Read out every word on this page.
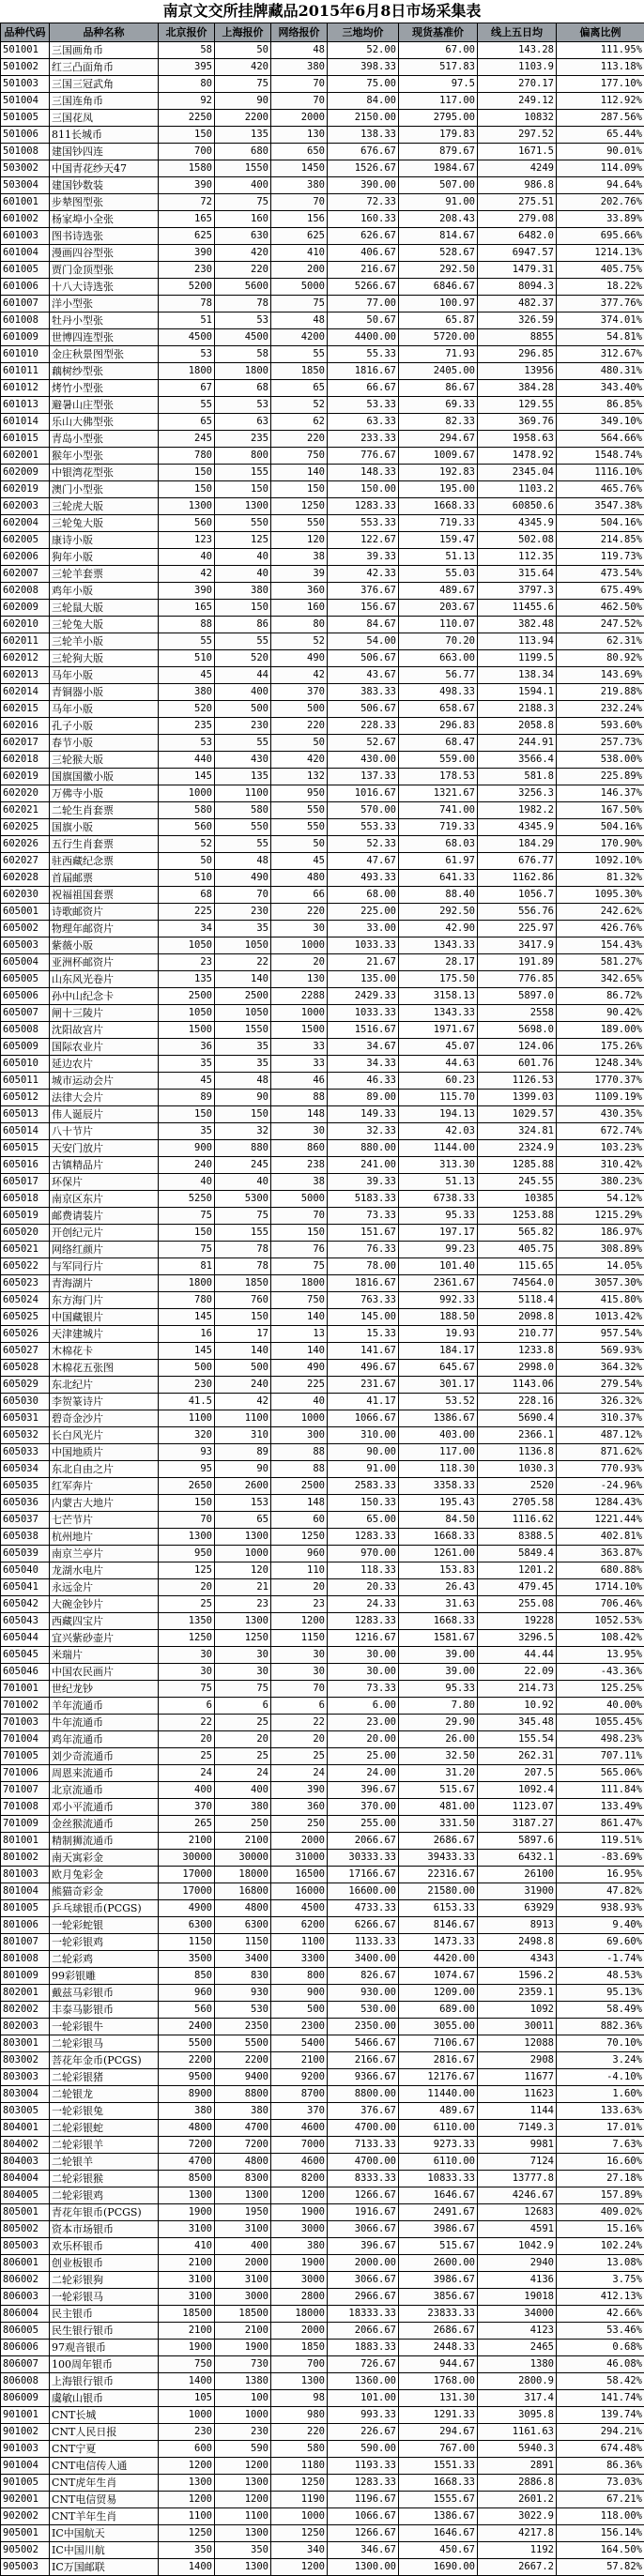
南京文交所挂牌藏品2015年6月8日市场采集表
品种代码	品种名称	北京报价	上海报价	网络报价	三地均价	现货基准价	线上五日均	偏离比例
501001	三国画角币	58	50	48	52.00	67.00	143.28	111.95%
501002	红三凸面角币	395	420	380	398.33	517.83	1103.9	113.18%
501003	三国三冠武角	80	75	70	75.00	97.5	270.17	177.10%
501004	三国连角币	92	90	70	84.00	117.00	249.12	112.92%
501005	三国花凤	2250	2200	2000	2150.00	2795.00	10832	287.56%
501006	811长城币	150	135	130	138.33	179.83	297.52	65.44%
501008	建国钞四连	700	680	650	676.67	879.67	1671.5	90.01%
503002	中国青花纱天47	1580	1550	1450	1526.67	1984.67	4249	114.09%
503004	建国钞数装	390	400	380	390.00	507.00	986.8	94.64%
601001	步辇图型张	72	75	70	72.33	91.00	275.51	202.76%
601002	杨家埠小全张	165	160	156	160.33	208.43	279.08	33.89%
601003	图书诗选张	625	630	625	626.67	814.67	6482.0	695.66%
601004	漫画四谷型张	390	420	410	406.67	528.67	6947.57	1214.13%
601005	贾门金顶型张	230	220	200	216.67	292.50	1479.31	405.75%
601006	十八大诗选张	5200	5600	5000	5266.67	6846.67	8094.3	18.22%
601007	洋小型张	78	78	75	77.00	100.97	482.37	377.76%
601008	牡丹小型张	51	53	48	50.67	65.87	326.59	374.01%
601009	世博四连型张	4500	4500	4200	4400.00	5720.00	8855	54.81%
601010	金庄秋景图型张	53	58	55	55.33	71.93	296.85	312.67%
601011	藕树纱型张	1800	1800	1850	1816.67	2405.00	13956	480.31%
601012	烤竹小型张	67	68	65	66.67	86.67	384.28	343.40%
601013	避暑山庄型张	55	53	52	53.33	69.33	129.55	86.85%
601014	乐山大佛型张	65	63	62	63.33	82.33	369.76	349.10%
601015	青岛小型张	245	235	220	233.33	294.67	1958.63	564.66%
602001	猴年小型张	780	800	750	776.67	1009.67	1478.92	1548.74%
602009	中银湾花型张	150	155	140	148.33	192.83	2345.04	1116.10%
602019	澳门小型张	150	150	150	150.00	195.00	1103.2	465.76%
602003	三轮虎大版	1300	1300	1250	1283.33	1668.33	60850.6	3547.38%
602004	三轮兔大版	560	550	550	553.33	719.33	4345.9	504.16%
602005	康诗小版	123	125	120	122.67	159.47	502.08	214.85%
602006	狗年小版	40	40	38	39.33	51.13	112.35	119.73%
602007	三轮羊套票	42	40	39	42.33	55.03	315.64	473.54%
602008	鸡年小版	390	380	360	376.67	489.67	3797.3	675.49%
602009	三轮鼠大版	165	150	160	156.67	203.67	11455.6	462.50%
602010	三轮兔大版	88	86	80	84.67	110.07	382.48	247.52%
602011	三轮羊小版	55	55	52	54.00	70.20	113.94	62.31%
602012	三轮狗大版	510	520	490	506.67	663.00	1199.5	80.92%
602013	马年小版	45	44	42	43.67	56.77	138.34	143.69%
602014	青铜器小版	380	400	370	383.33	498.33	1594.1	219.88%
602015	马年小版	520	500	500	506.67	658.67	2188.3	232.24%
602016	孔子小版	235	230	220	228.33	296.83	2058.8	593.60%
602017	春节小版	53	55	50	52.67	68.47	244.91	257.73%
602018	三轮猴大版	440	430	420	430.00	559.00	3566.4	538.00%
602019	国旗国徽小版	145	135	132	137.33	178.53	581.8	225.89%
602020	万佛寺小版	1000	1100	950	1016.67	1321.67	3256.3	146.37%
602021	二轮生肖套票	580	580	550	570.00	741.00	1982.2	167.50%
602025	国旗小版	560	550	550	553.33	719.33	4345.9	504.16%
602026	五行生肖套票	52	55	50	52.33	68.03	184.29	170.90%
602027	驻西藏纪念票	50	48	45	47.67	61.97	676.77	1092.10%
602028	首届邮票	510	490	480	493.33	641.33	1162.86	81.32%
602030	祝福祖国套票	68	70	66	68.00	88.40	1056.7	1095.30%
605001	诗歌邮资片	225	230	220	225.00	292.50	556.76	242.62%
605002	物理年邮资片	34	35	30	33.00	42.90	225.97	426.76%
605003	紫薇小版	1050	1050	1000	1033.33	1343.33	3417.9	154.43%
605004	亚洲杯邮资片	23	22	20	21.67	28.17	191.89	581.27%
605005	山东风光卷片	135	140	130	135.00	175.50	776.85	342.65%
605006	孙中山纪念卡	2500	2500	2288	2429.33	3158.13	5897.0	86.72%
605007	闸十三陵片	1050	1050	1000	1033.33	1343.33	2558	90.42%
605008	沈阳故宫片	1500	1550	1500	1516.67	1971.67	5698.0	189.00%
605009	国际农业片	36	35	33	34.67	45.07	124.06	175.26%
605010	延边农片	35	35	33	34.33	44.63	601.76	1248.34%
605011	城市运动会片	45	48	46	46.33	60.23	1126.53	1770.37%
605012	法律大会片	89	90	88	89.00	115.70	1399.03	1109.19%
605013	伟人诞辰片	150	150	148	149.33	194.13	1029.57	430.35%
605014	八十节片	35	32	30	32.33	42.03	324.81	672.74%
605015	天安门放片	900	880	860	880.00	1144.00	2324.9	103.23%
605016	古镇精品片	240	245	238	241.00	313.30	1285.88	310.42%
605017	环保片	40	40	38	39.33	51.13	245.55	380.23%
605018	南京区东片	5250	5300	5000	5183.33	6738.33	10385	54.12%
605019	邮费请装片	75	75	70	73.33	95.33	1253.88	1215.29%
605020	开创纪元片	150	155	150	151.67	197.17	565.82	186.97%
605021	网络红颜片	75	78	76	76.33	99.23	405.75	308.89%
605022	与军同行片	81	78	75	78.00	101.40	115.65	14.05%
605023	青海湖片	1800	1850	1800	1816.67	2361.67	74564.0	3057.30%
605024	东方海门片	780	760	750	763.33	992.33	5118.4	415.80%
605025	中国藏银片	145	150	140	145.00	188.50	2098.8	1013.42%
605026	天津建城片	16	17	13	15.33	19.93	210.77	957.54%
605027	木棉花卡	145	140	140	141.67	184.17	1233.8	569.93%
605028	木棉花五张图	500	500	490	496.67	645.67	2998.0	364.32%
605029	东北纪片	230	240	225	231.67	301.17	1143.06	279.54%
605030	李贺篆诗片	41.5	42	40	41.17	53.52	228.16	326.32%
605031	碧奇金沙片	1100	1100	1000	1066.67	1386.67	5690.4	310.37%
605032	长白风光片	320	310	300	310.00	403.00	2366.1	487.12%
605033	中国地质片	93	89	88	90.00	117.00	1136.8	871.62%
605034	东北自由之片	95	90	88	91.00	118.30	1030.3	770.93%
605035	红军奔片	2650	2600	2500	2583.33	3358.33	2520	-24.96%
605036	内蒙古大地片	150	153	148	150.33	195.43	2705.58	1284.43%
605037	七芒节片	70	65	60	65.00	84.50	1116.62	1221.44%
605038	杭州地片	1300	1300	1250	1283.33	1668.33	8388.5	402.81%
605039	南京兰亭片	950	1000	960	970.00	1261.00	5849.4	363.87%
605040	龙湖水电片	125	120	110	118.33	153.83	1201.2	680.88%
605041	永远金片	20	21	20	20.33	26.43	479.45	1714.10%
605042	大碗金钞片	25	23	23	24.33	31.63	255.08	706.46%
605043	西藏四宝片	1350	1300	1200	1283.33	1668.33	19228	1052.53%
605044	宜兴紫砂壶片	1250	1250	1150	1216.67	1581.67	3296.5	108.42%
605045	米瑞片	30	30	30	30.00	39.00	44.44	13.95%
605046	中国农民画片	30	30	30	30.00	39.00	22.09	-43.36%
701001	世纪龙钞	75	75	70	73.33	95.33	214.73	125.25%
701002	羊年流通币	6	6	6	6.00	7.80	10.92	40.00%
701003	牛年流通币	22	25	22	23.00	29.90	345.48	1055.45%
701004	鸡年流通币	20	20	20	20.00	26.00	155.54	498.23%
701005	刘少奇流通币	25	25	25	25.00	32.50	262.31	707.11%
701006	周恩来流通币	24	24	24	24.00	31.20	207.5	565.06%
701007	北京流通币	400	400	390	396.67	515.67	1092.4	111.84%
701008	邓小平流通币	370	380	360	370.00	481.00	1123.07	133.49%
701009	金丝猴流通币	265	250	250	255.00	331.50	3187.27	861.47%
801001	精制狮流通币	2100	2100	2000	2066.67	2686.67	5897.6	119.51%
801002	南天寓彩金	30000	30000	31000	30333.33	39433.33	6432.1	-83.69%
801003	欧月兔彩金	17000	18000	16500	17166.67	22316.67	26100	16.95%
801004	熊猫奇彩金	17000	16800	16000	16600.00	21580.00	31900	47.82%
801005	乒乓球银币(PCGS)	4900	4800	4500	4733.33	6153.33	63929	938.93%
801006	一轮彩蛇银	6300	6300	6200	6266.67	8146.67	8913	9.40%
801007	一轮彩银鸡	1150	1150	1100	1133.33	1473.33	2498.8	69.60%
801008	二轮彩鸡	3500	3400	3300	3400.00	4420.00	4343	-1.74%
801009	99彩银雕	850	830	800	826.67	1074.67	1596.2	48.53%
802001	戴兹马彩银币	960	930	900	930.00	1209.00	2359.1	95.13%
802002	丰泰马影银币	560	530	500	530.00	689.00	1092	58.49%
802003	一轮彩银牛	2400	2350	2300	2350.00	3055.00	30011	882.36%
803001	二轮彩银马	5500	5500	5400	5466.67	7106.67	12088	70.10%
803002	菩花年金币(PCGS)	2200	2200	2100	2166.67	2816.67	2908	3.24%
803003	二轮彩银猪	9500	9400	9200	9366.67	12176.67	11677	-4.10%
803004	二轮银龙	8900	8800	8700	8800.00	11440.00	11623	1.60%
803005	一轮彩银兔	380	380	370	376.67	489.67	1144	133.63%
804001	二轮彩银蛇	4800	4700	4600	4700.00	6110.00	7149.3	17.01%
804002	二轮彩银羊	7200	7200	7000	7133.33	9273.33	9981	7.63%
804003	二轮银羊	4700	4800	4600	4700.00	6110.00	7124	16.60%
804004	二轮彩银猴	8500	8300	8200	8333.33	10833.33	13777.8	27.18%
804005	二轮彩银鸡	1300	1300	1200	1266.67	1646.67	4246.67	157.89%
805001	青花年银币(PCGS)	1900	1950	1900	1916.67	2491.67	12683	409.02%
805002	资本市场银币	3100	3100	3000	3066.67	3986.67	4591	15.16%
805003	欢乐杯银币	410	400	380	396.67	515.67	1042.9	102.24%
806001	创业板银币	2100	2000	1900	2000.00	2600.00	2940	13.08%
806002	二轮彩银狗	3100	3100	3000	3066.67	3986.67	4136	3.75%
806003	一轮彩银马	3100	3000	2800	2966.67	3856.67	19018	412.13%
806004	民主银币	18500	18500	18000	18333.33	23833.33	34000	42.66%
806005	民生银行银币	2100	2100	2000	2066.67	2686.67	4123	53.46%
806006	97观音银币	1900	1900	1850	1883.33	2448.33	2465	0.68%
806007	100周年银币	750	730	700	726.67	944.67	1380	46.08%
806008	上海银行银币	1400	1380	1300	1360.00	1768.00	2800.9	58.42%
806009	虞敏山银币	105	100	98	101.00	131.30	317.4	141.74%
901001	CNT长城	1000	1000	980	993.33	1291.33	3095.8	139.74%
901002	CNT人民日报	230	230	220	226.67	294.67	1161.63	294.21%
901003	CNT宁夏	600	590	580	590.00	767.00	5940.3	674.48%
901004	CNT电信传人通	1200	1200	1180	1193.33	1551.33	2891	86.36%
901005	CNT虎年生肖	1300	1300	1250	1283.33	1668.33	2886.8	73.03%
902001	CNT电信贸易	1200	1200	1190	1196.67	1555.67	2601.2	67.21%
902002	CNT羊年生肖	1100	1100	1000	1066.67	1386.67	3022.9	118.00%
905001	IC中国航天	1250	1300	1250	1266.67	1646.67	4217.8	156.14%
905002	IC中国川航	350	350	340	346.67	450.67	1192	164.50%
905003	IC万国邮联	1400	1300	1200	1300.00	1690.00	2667.2	57.82%
